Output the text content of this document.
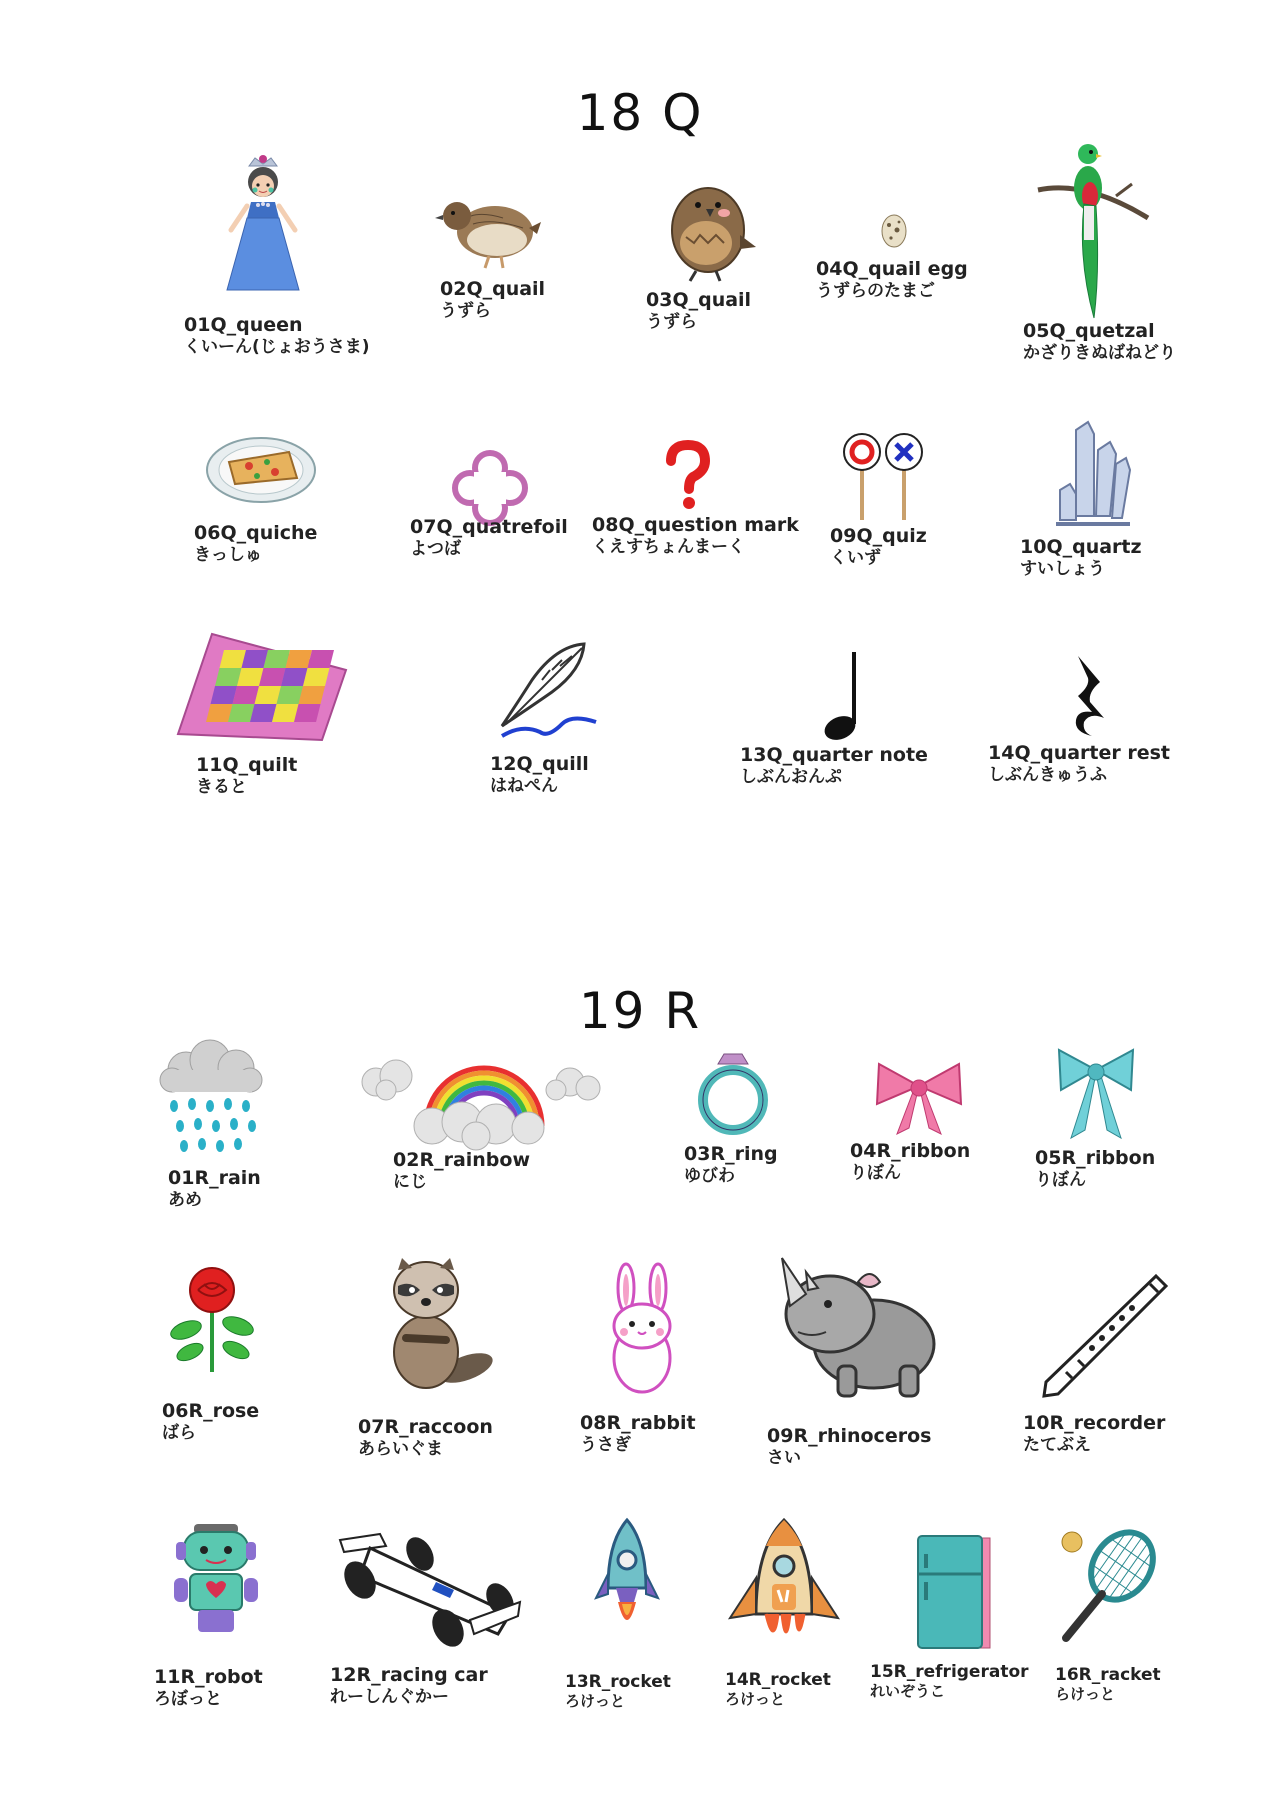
18 Q
01Q_queen
くいーん(じょおうさま)
02Q_quail
うずら	03Q_quail
うずら
04Q_quail egg
うずらのたまご
05Q_quetzal
かざりきぬばねどり
06Q_quiche
きっしゅ
07Q_quatrefoil
よつば
08Q_question mark
くえすちょんまーく	09Q_quiz
くいず	10Q_quartz
すいしょう
11Q_quilt
きると
12Q_quill
はねぺん
13Q_quarter note
しぶんおんぷ
14Q_quarter rest
しぶんきゅうふ
19 R
01R_rain
あめ
02R_rainbow
にじ
03R_ring
ゆびわ
04R_ribbon
りぼん
05R_ribbon
りぼん
06R_rose
ばら	07R_raccoon
あらいぐま
08R_rabbit
うさぎ	09R_rhinoceros
さい
10R_recorder
たてぶえ
11R_robot
ろぼっと
12R_racing car
れーしんぐかー
13R_rocket
ろけっと
14R_rocket
ろけっと
15R_refrigerator
れいぞうこ
16R_racket
らけっと
